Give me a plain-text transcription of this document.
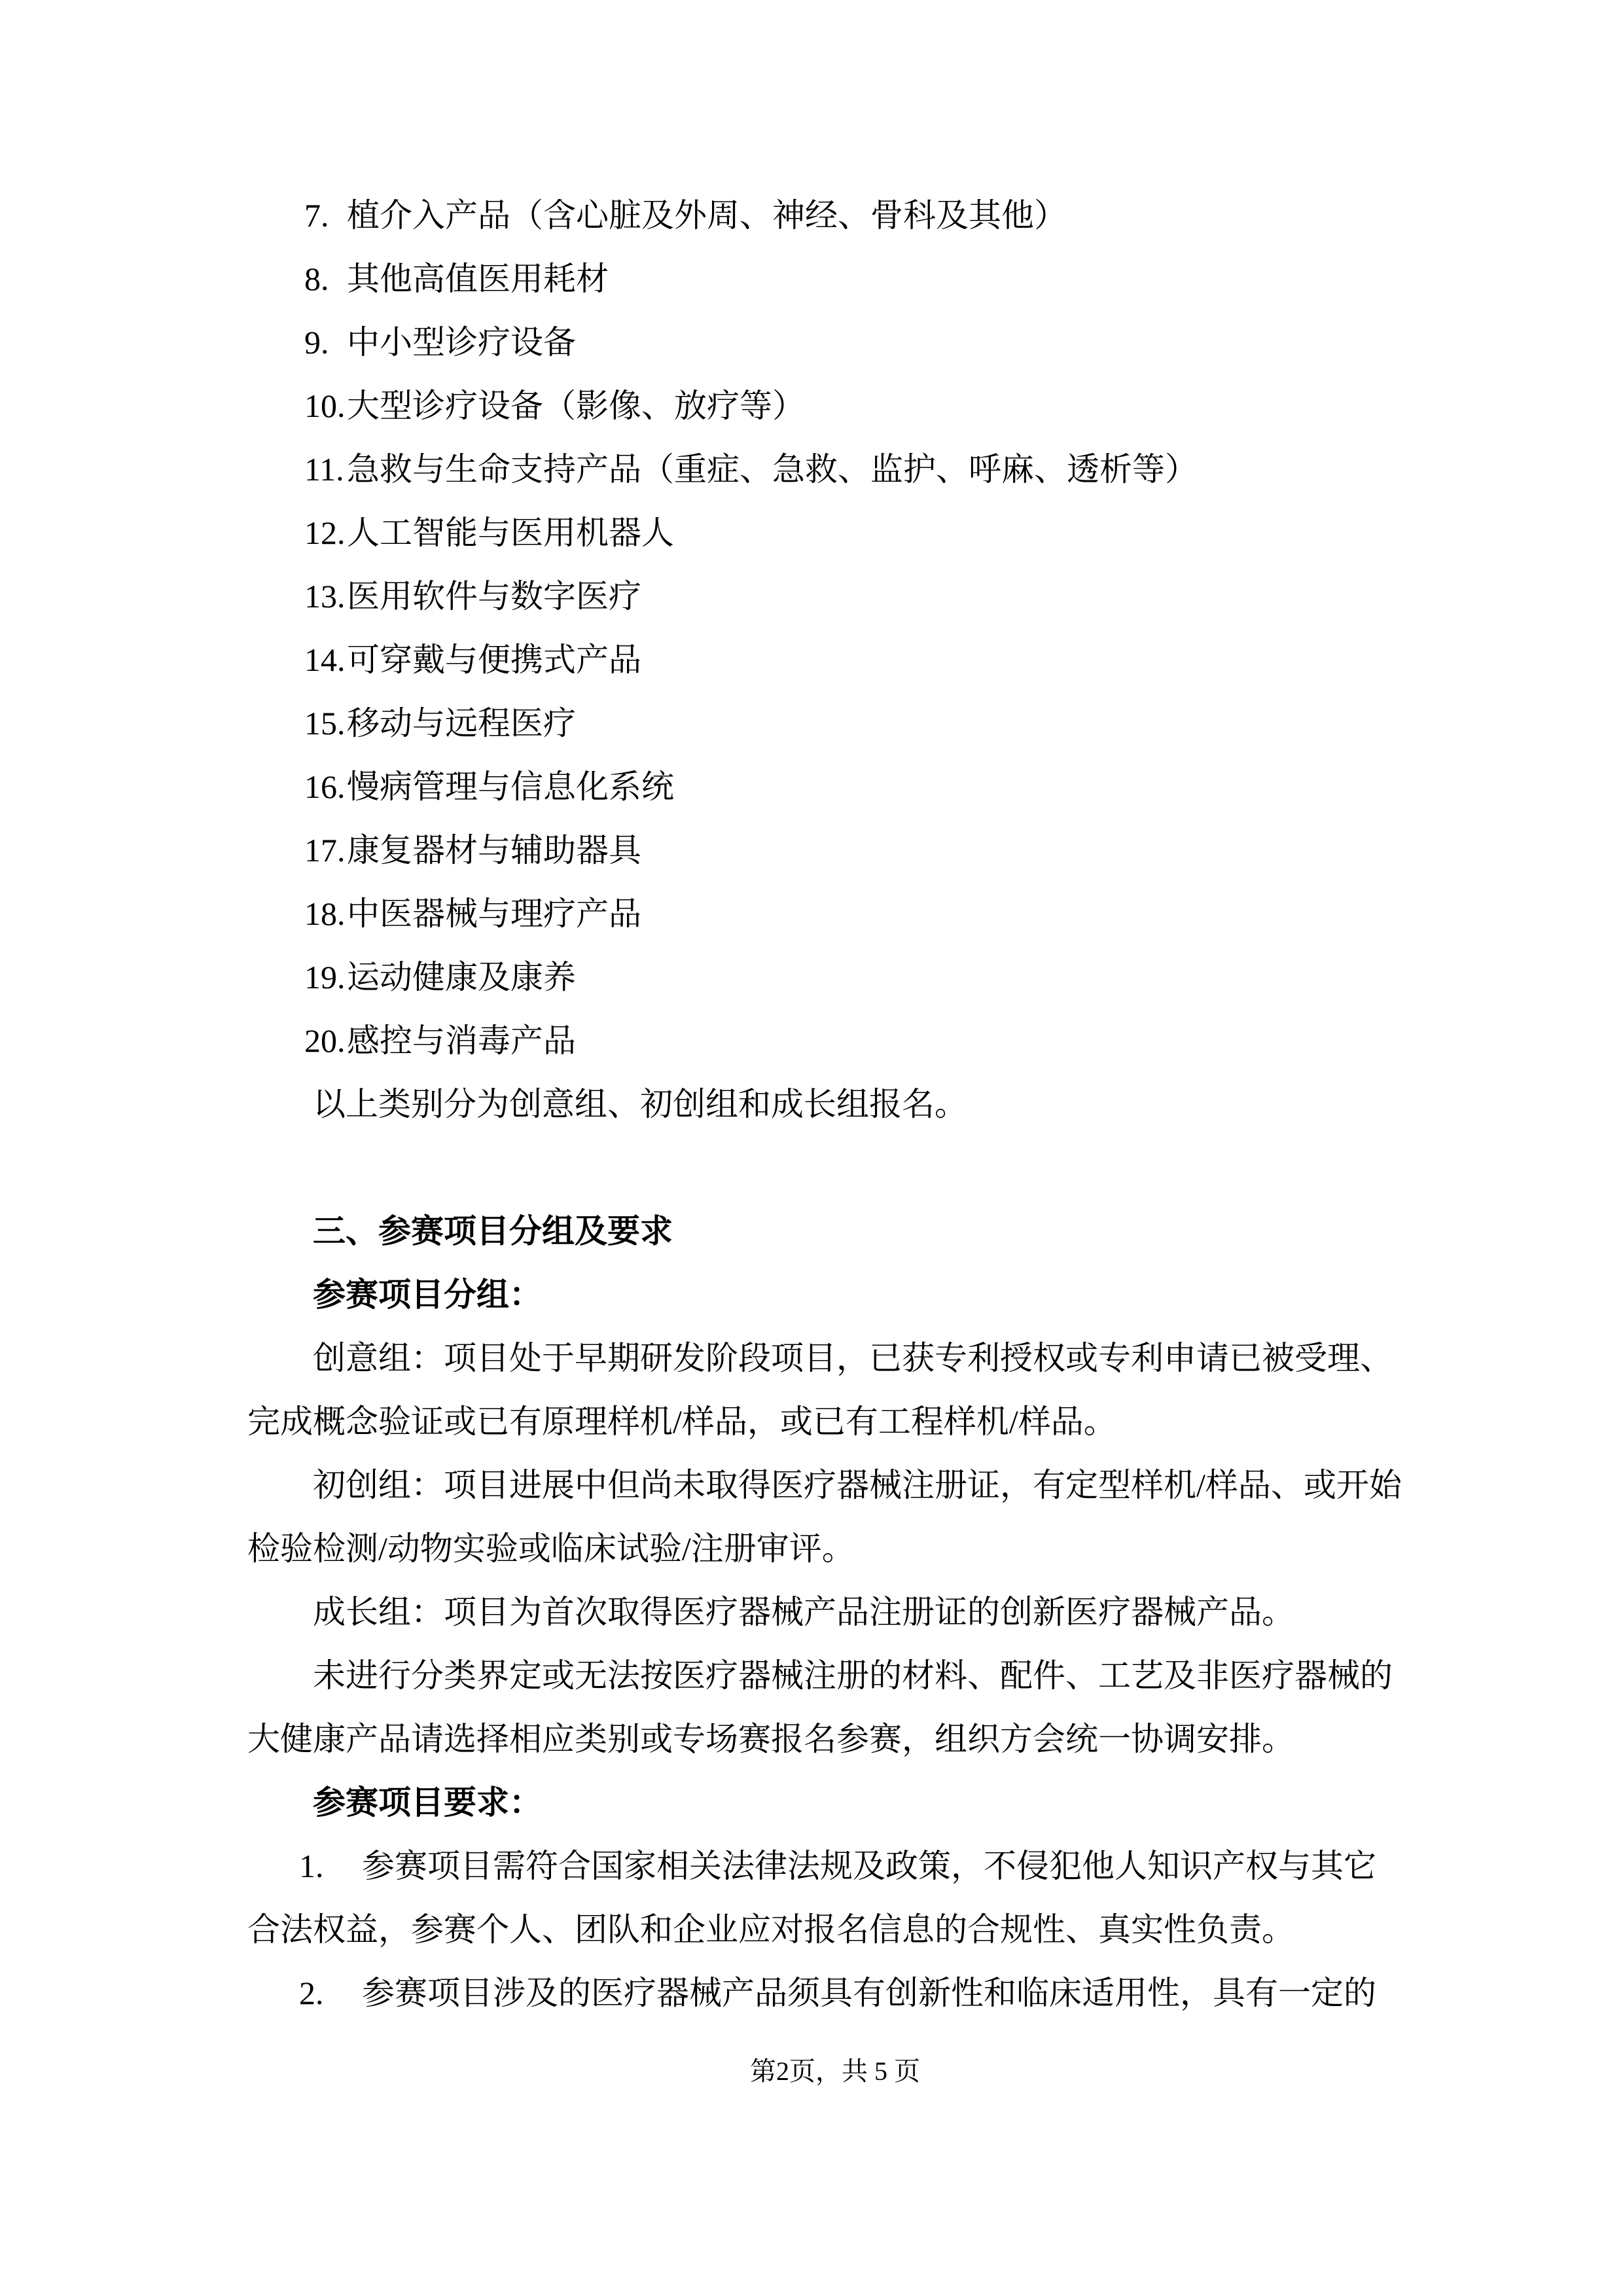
7. 植介入产品（含心脏及外周、神经、骨科及其他）
8. 其他高值医用耗材
9. 中小型诊疗设备
10.大型诊疗设备（影像、放疗等）
11.急救与生命支持产品（重症、急救、监护、呼麻、透析等）
12.人工智能与医用机器人
13.医用软件与数字医疗
14.可穿戴与便携式产品
15.移动与远程医疗
16.慢病管理与信息化系统
17.康复器材与辅助器具
18.中医器械与理疗产品
19.运动健康及康养
20.感控与消毒产品
以上类别分为创意组、初创组和成长组报名。
三、参赛项目分组及要求
参赛项目分组：
创意组：项目处于早期研发阶段项目，已获专利授权或专利申请已被受理、
完成概念验证或已有原理样机/样品，或已有工程样机/样品。
初创组：项目进展中但尚未取得医疗器械注册证，有定型样机/样品、或开始
检验检测/动物实验或临床试验/注册审评。
成长组：项目为首次取得医疗器械产品注册证的创新医疗器械产品。
未进行分类界定或无法按医疗器械注册的材料、配件、工艺及非医疗器械的
大健康产品请选择相应类别或专场赛报名参赛，组织方会统一协调安排。
参赛项目要求：
1. 参赛项目需符合国家相关法律法规及政策，不侵犯他人知识产权与其它
合法权益，参赛个人、团队和企业应对报名信息的合规性、真实性负责。
2. 参赛项目涉及的医疗器械产品须具有创新性和临床适用性，具有一定的
第2页，共 5 页
